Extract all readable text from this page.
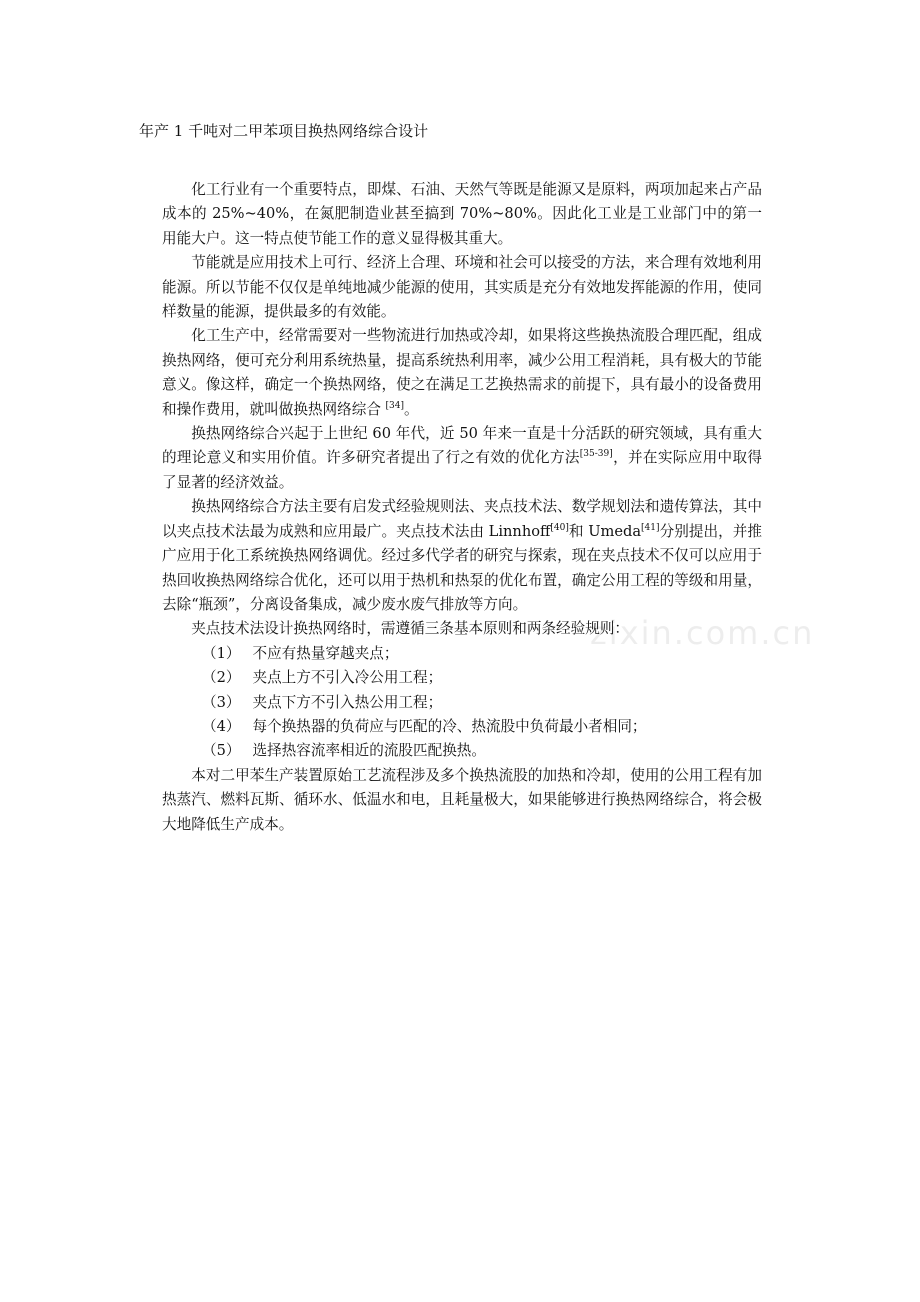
年产 1 千吨对二甲苯项目换热网络综合设计

化工行业有一个重要特点，即煤、石油、天然气等既是能源又是原料，两项加起来占产品成本的 25%~40%，在氮肥制造业甚至搞到 70%~80%。因此化工业是工业部门中的第一用能大户。这一特点使节能工作的意义显得极其重大。

节能就是应用技术上可行、经济上合理、环境和社会可以接受的方法，来合理有效地利用能源。所以节能不仅仅是单纯地减少能源的使用，其实质是充分有效地发挥能源的作用，使同样数量的能源，提供最多的有效能。

化工生产中，经常需要对一些物流进行加热或冷却，如果将这些换热流股合理匹配，组成换热网络，便可充分利用系统热量，提高系统热利用率，减少公用工程消耗，具有极大的节能意义。像这样，确定一个换热网络，使之在满足工艺换热需求的前提下，具有最小的设备费用和操作费用，就叫做换热网络综合 [34]。

换热网络综合兴起于上世纪 60 年代，近 50 年来一直是十分活跃的研究领域，具有重大的理论意义和实用价值。许多研究者提出了行之有效的优化方法[35-39]，并在实际应用中取得了显著的经济效益。

换热网络综合方法主要有启发式经验规则法、夹点技术法、数学规划法和遗传算法，其中以夹点技术法最为成熟和应用最广。夹点技术法由 Linnhoff[40]和 Umeda[41]分别提出，并推广应用于化工系统换热网络调优。经过多代学者的研究与探索，现在夹点技术不仅可以应用于热回收换热网络综合优化，还可以用于热机和热泵的优化布置，确定公用工程的等级和用量，去除“瓶颈”，分离设备集成，减少废水废气排放等方向。

夹点技术法设计换热网络时，需遵循三条基本原则和两条经验规则：

（1） 不应有热量穿越夹点；

（2） 夹点上方不引入冷公用工程；

（3） 夹点下方不引入热公用工程；

（4） 每个换热器的负荷应与匹配的冷、热流股中负荷最小者相同；

（5） 选择热容流率相近的流股匹配换热。

本对二甲苯生产装置原始工艺流程涉及多个换热流股的加热和冷却，使用的公用工程有加热蒸汽、燃料瓦斯、循环水、低温水和电，且耗量极大，如果能够进行换热网络综合，将会极大地降低生产成本。

zixin.com.cn
